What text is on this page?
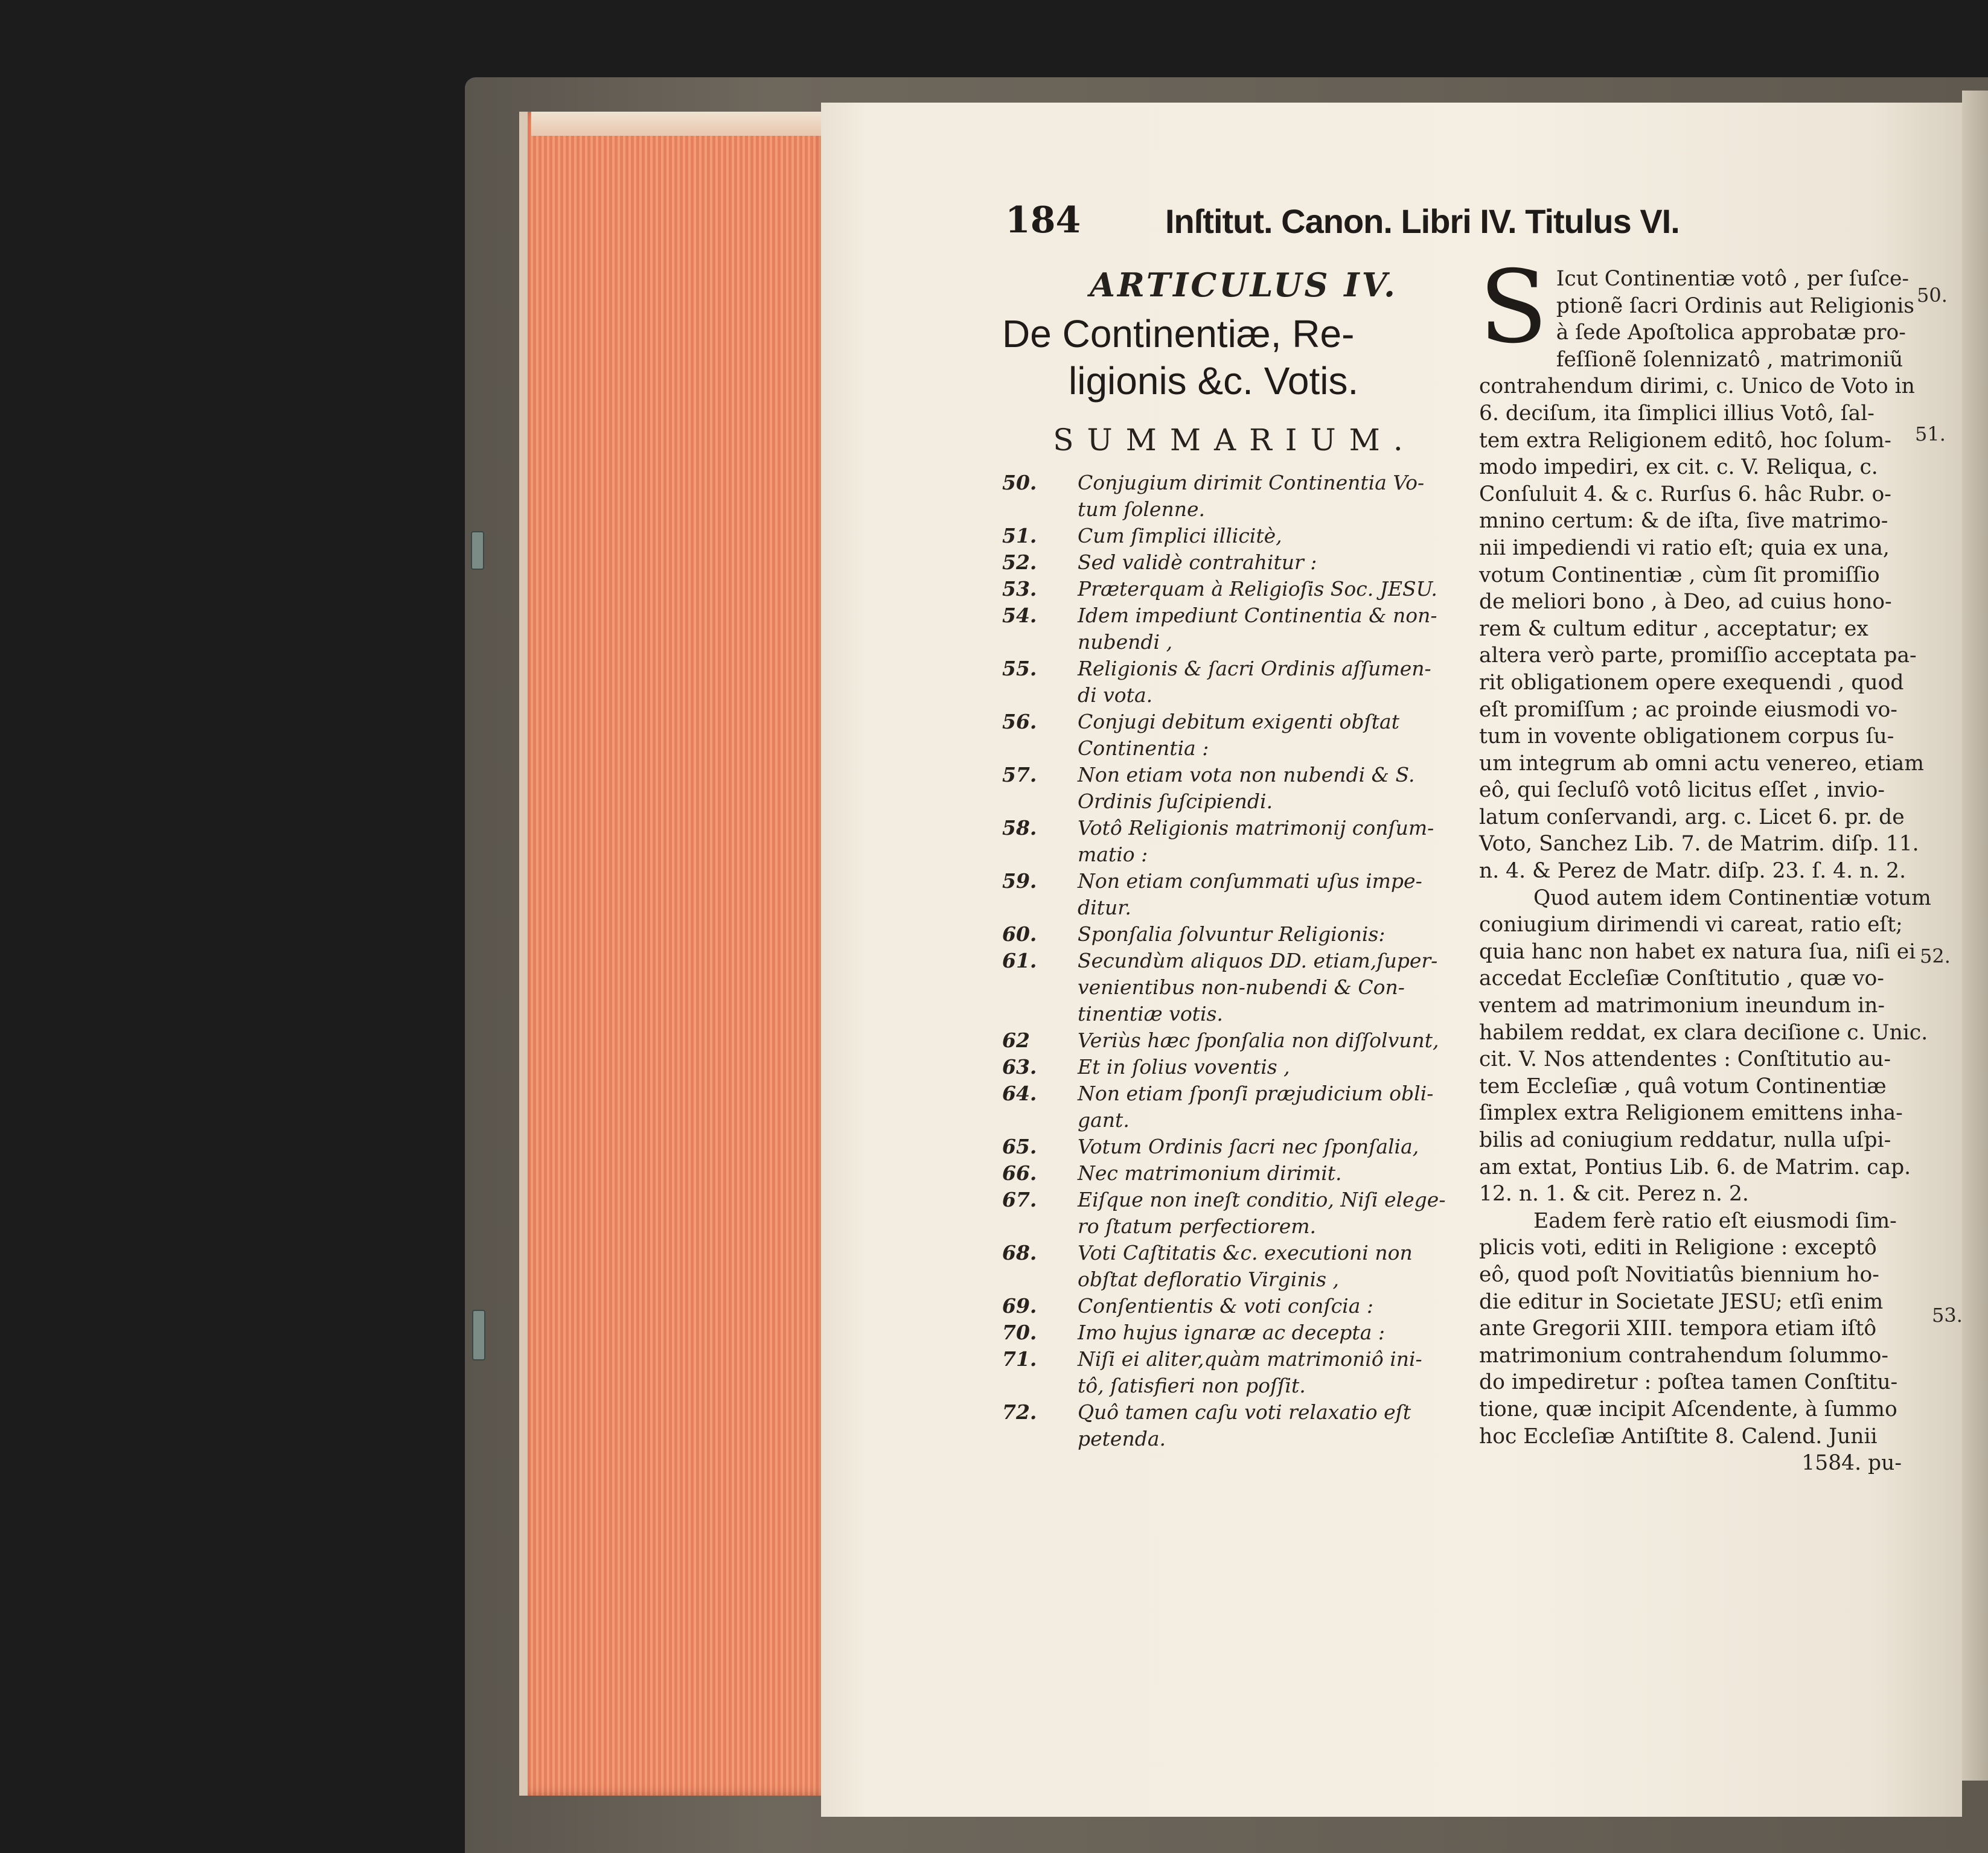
184 Inſtitut. Canon. Libri IV. Titulus VI.
ARTICULUS IV.
De Continentiæ, Re-
ligionis &c. Votis.
SUMMARIUM.
50.	Conjugium dirimit Continentia Vo-
tum ſolenne.
51.	Cum ſimplici illicitè,
52.	Sed validè contrahitur :
53.	Præterquam à Religioſis Soc. JESU.
54.	Idem impediunt Continentia & non-
nubendi ,
55.	Religionis & ſacri Ordinis aſſumen-
di vota.
56.	Conjugi debitum exigenti obſtat
Continentia :
57.	Non etiam vota non nubendi & S.
Ordinis ſuſcipiendi.
58.	Votô Religionis matrimonij conſum-
matio :
59.	Non etiam conſummati uſus impe-
ditur.
60.	Sponſalia ſolvuntur Religionis:
61.	Secundùm aliquos DD. etiam,ſuper-
venientibus non-nubendi & Con-
tinentiæ votis.
62	Veriùs hæc ſponſalia non diſſolvunt,
63.	Et in ſolius voventis ,
64.	Non etiam ſponſi præjudicium obli-
gant.
65.	Votum Ordinis ſacri nec ſponſalia,
66.	Nec matrimonium dirimit.
67.	Eiſque non ineſt conditio, Niſi elege-
ro ſtatum perfectiorem.
68.	Voti Caſtitatis &c. executioni non
obſtat defloratio Virginis ,
69.	Conſentientis & voti conſcia :
70.	Imo hujus ignaræ ac decepta :
71.	Niſi ei aliter,quàm matrimoniô ini-
tô, ſatisfieri non poſſit.
72.	Quô tamen caſu voti relaxatio eſt
petenda.
S Icut Continentiæ votô , per ſuſce-
ptionẽ ſacri Ordinis aut Religionis
à ſede Apoſtolica approbatæ pro-
feſſionẽ ſolennizatô , matrimoniũ
contrahendum dirimi, c. Unico de Voto in
6. deciſum, ita ſimplici illius Votô, ſal-
tem extra Religionem editô, hoc ſolum-
modo impediri, ex cit. c. V. Reliqua, c.
Conſuluit 4. & c. Rurſus 6. hâc Rubr. o-
mnino certum: & de iſta, ſive matrimo-
nii impediendi vi ratio eſt; quia ex una,
votum Continentiæ , cùm ſit promiſſio
de meliori bono , à Deo, ad cuius hono-
rem & cultum editur , acceptatur; ex
altera verò parte, promiſſio acceptata pa-
rit obligationem opere exequendi , quod
eſt promiſſum ; ac proinde eiusmodi vo-
tum in vovente obligationem corpus ſu-
um integrum ab omni actu venereo, etiam
eô, qui ſecluſô votô licitus eſſet , invio-
latum conſervandi, arg. c. Licet 6. pr. de
Voto, Sanchez Lib. 7. de Matrim. diſp. 11.
n. 4. & Perez de Matr. diſp. 23. ſ. 4. n. 2.
Quod autem idem Continentiæ votum
coniugium dirimendi vi careat, ratio eſt;
quia hanc non habet ex natura ſua, niſi ei
accedat Eccleſiæ Conſtitutio , quæ vo-
ventem ad matrimonium ineundum in-
habilem reddat, ex clara deciſione c. Unic.
cit. V. Nos attendentes : Conſtitutio au-
tem Eccleſiæ , quâ votum Continentiæ
ſimplex extra Religionem emittens inha-
bilis ad coniugium reddatur, nulla uſpi-
am extat, Pontius Lib. 6. de Matrim. cap.
12. n. 1. & cit. Perez n. 2.
Eadem ferè ratio eſt eiusmodi ſim-
plicis voti, editi in Religione : exceptô
eô, quod poſt Novitiatûs biennium ho-
die editur in Societate JESU; etſi enim
ante Gregorii XIII. tempora etiam iſtô
matrimonium contrahendum ſolummo-
do impediretur : poſtea tamen Conſtitu-
tione, quæ incipit Aſcendente, à ſummo
hoc Eccleſiæ Antiſtite 8. Calend. Junii
1584. pu-
50.
51.
52.
53.
